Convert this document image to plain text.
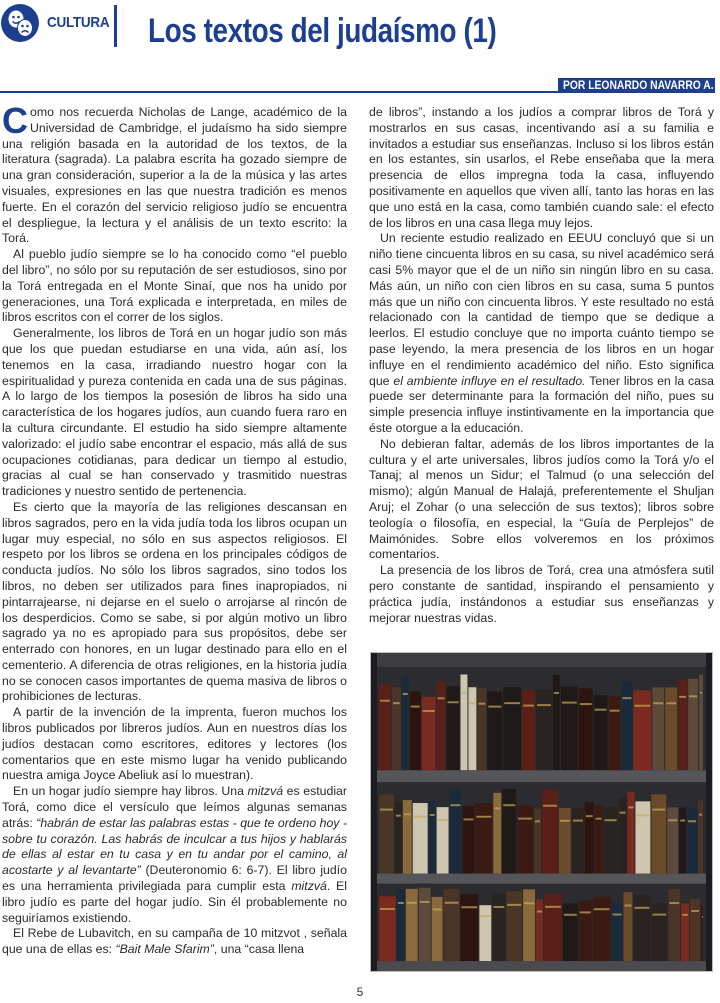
CULTURA Los textos del judaísmo (1)
POR LEONARDO NAVARRO A.

Como nos recuerda Nicholas de Lange, académico de la Universidad de Cambridge, el judaísmo ha sido siempre una religión basada en la autoridad de los textos, de la literatura (sagrada). La palabra escrita ha gozado siempre de una gran consideración, superior a la de la música y las artes visuales, expresiones en las que nuestra tradición es menos fuerte. En el corazón del servicio religioso judío se encuentra el despliegue, la lectura y el análisis de un texto escrito: la Torá.

Al pueblo judío siempre se lo ha conocido como “el pueblo del libro”, no sólo por su reputación de ser estudiosos, sino por la Torá entregada en el Monte Sinaí, que nos ha unido por generaciones, una Torá explicada e interpretada, en miles de libros escritos con el correr de los siglos.

Generalmente, los libros de Torá en un hogar judío son más que los que puedan estudiarse en una vida, aún así, los tenemos en la casa, irradiando nuestro hogar con la espiritualidad y pureza contenida en cada una de sus páginas. A lo largo de los tiempos la posesión de libros ha sido una característica de los hogares judíos, aun cuando fuera raro en la cultura circundante. El estudio ha sido siempre altamente valorizado: el judío sabe encontrar el espacio, más allá de sus ocupaciones cotidianas, para dedicar un tiempo al estudio, gracias al cual se han conservado y trasmitido nuestras tradiciones y nuestro sentido de pertenencia.

Es cierto que la mayoría de las religiones descansan en libros sagrados, pero en la vida judía toda los libros ocupan un lugar muy especial, no sólo en sus aspectos religiosos. El respeto por los libros se ordena en los principales códigos de conducta judíos. No sólo los libros sagrados, sino todos los libros, no deben ser utilizados para fines inapropiados, ni pintarrajearse, ni dejarse en el suelo o arrojarse al rincón de los desperdicios. Como se sabe, si por algún motivo un libro sagrado ya no es apropiado para sus propósitos, debe ser enterrado con honores, en un lugar destinado para ello en el cementerio. A diferencia de otras religiones, en la historia judía no se conocen casos importantes de quema masiva de libros o prohibiciones de lecturas.

A partir de la invención de la imprenta, fueron muchos los libros publicados por libreros judíos. Aun en nuestros días los judíos destacan como escritores, editores y lectores (los comentarios que en este mismo lugar ha venido publicando nuestra amiga Joyce Abeliuk así lo muestran).

En un hogar judío siempre hay libros. Una mitzvá es estudiar Torá, como dice el versículo que leímos algunas semanas atrás: “habrán de estar las palabras estas - que te ordeno hoy - sobre tu corazón. Las habrás de inculcar a tus hijos y hablarás de ellas al estar en tu casa y en tu andar por el camino, al acostarte y al levantarte” (Deuteronomio 6: 6-7). El libro judío es una herramienta privilegiada para cumplir esta mitzvá. El libro judío es parte del hogar judío. Sin él probablemente no seguiríamos existiendo.

El Rebe de Lubavitch, en su campaña de 10 mitzvot , señala que una de ellas es: “Bait Male Sfarim”, una “casa llena

de libros”, instando a los judíos a comprar libros de Torá y mostrarlos en sus casas, incentivando así a su familia e invitados a estudiar sus enseñanzas. Incluso si los libros están en los estantes, sin usarlos, el Rebe enseñaba que la mera presencia de ellos impregna toda la casa, influyendo positivamente en aquellos que viven allí, tanto las horas en las que uno está en la casa, como también cuando sale: el efecto de los libros en una casa llega muy lejos.

Un reciente estudio realizado en EEUU concluyó que si un niño tiene cincuenta libros en su casa, su nivel académico será casi 5% mayor que el de un niño sin ningún libro en su casa. Más aún, un niño con cien libros en su casa, suma 5 puntos más que un niño con cincuenta libros. Y este resultado no está relacionado con la cantidad de tiempo que se dedique a leerlos. El estudio concluye que no importa cuánto tiempo se pase leyendo, la mera presencia de los libros en un hogar influye en el rendimiento académico del niño. Esto significa que el ambiente influye en el resultado. Tener libros en la casa puede ser determinante para la formación del niño, pues su simple presencia influye instintivamente en la importancia que éste otorgue a la educación.

No debieran faltar, además de los libros importantes de la cultura y el arte universales, libros judíos como la Torá y/o el Tanaj; al menos un Sidur; el Talmud (o una selección del mismo); algún Manual de Halajá, preferentemente el Shuljan Aruj; el Zohar (o una selección de sus textos); libros sobre teología o filosofía, en especial, la “Guía de Perplejos” de Maimónides. Sobre ellos volveremos en los próximos comentarios.

La presencia de los libros de Torá, crea una atmósfera sutil pero constante de santidad, inspirando el pensamiento y práctica judía, instándonos a estudiar sus enseñanzas y mejorar nuestras vidas.

5
